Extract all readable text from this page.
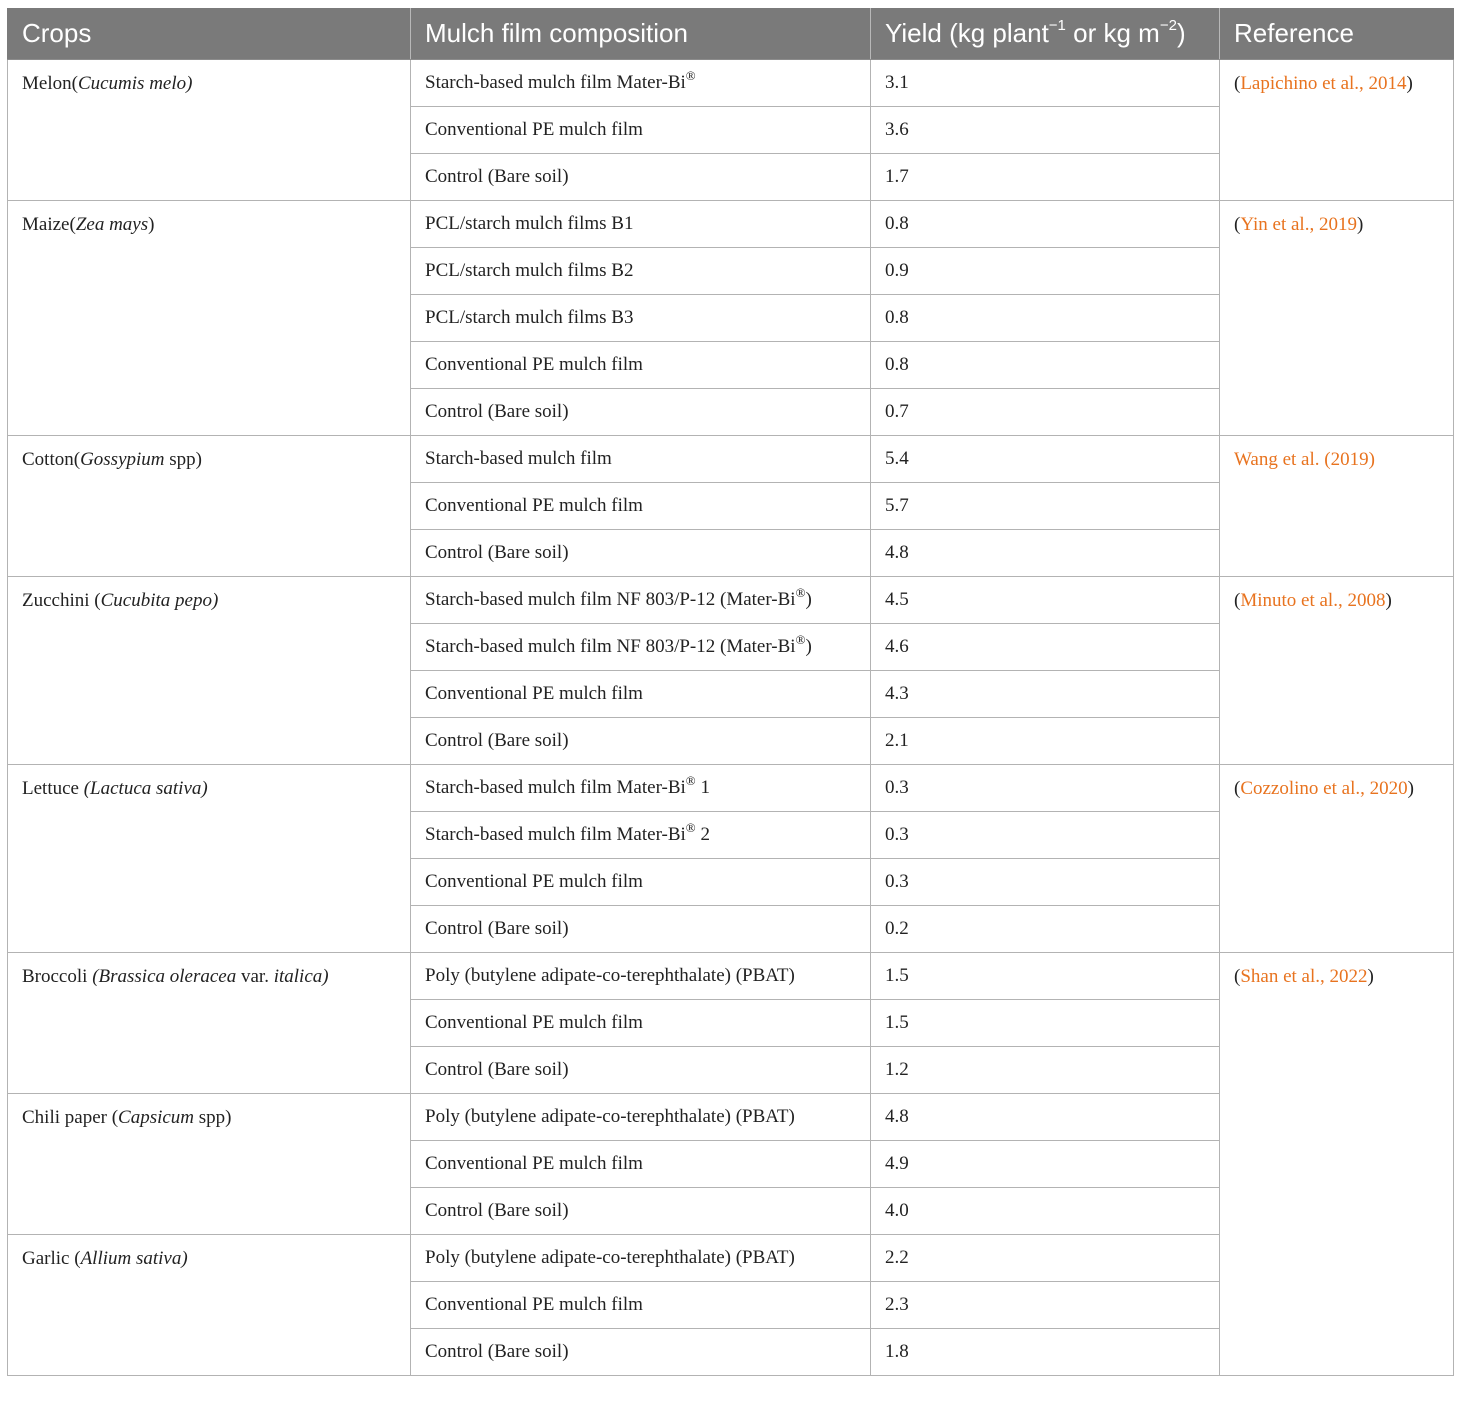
Crops	Mulch film composition	Yield (kg plant$^{-1}$ or kg $m^{-2}$)	Reference
Melon(Cucumis melo)	Starch-based mulch film Mater-Bi®	3.1	(Lapichino et al., 2014)
	Conventional PE mulch film	3.6	
	Control (Bare soil)	1.7	
Maize(Zea mays)	PCL/starch mulch films B1	0.8	(Yin et al., 2019)
	PCL/starch mulch films B2	0.9	
	PCL/starch mulch films B3	0.8	
	Conventional PE mulch film	0.8	
	Control (Bare soil)	0.7	
Cotton(Gossypium spp)	Starch-based mulch film	5.4	Wang et al. (2019)
	Conventional PE mulch film	5.7	
	Control (Bare soil)	4.8	
Zucchini (Cucubita pepo)	Starch-based mulch film NF 803/P-12 (Mater-Bi®)	4.5	(Minuto et al., 2008)
	Starch-based mulch film NF 803/P-12 (Mater-Bi®)	4.6	
	Conventional PE mulch film	4.3	
	Control (Bare soil)	2.1	
Lettuce (Lactuca sativa)	Starch-based mulch film Mater-Bi® 1	0.3	(Cozzolino et al., 2020)
	Starch-based mulch film Mater-Bi® 2	0.3	
	Conventional PE mulch film	0.3	
	Control (Bare soil)	0.2	
Broccoli (Brassica oleracea var. italica)	Poly (butylene adipate-co-terephthalate) (PBAT)	1.5	(Shan et al., 2022)
	Conventional PE mulch film	1.5	
	Control (Bare soil)	1.2	
Chili paper (Capsicum spp)	Poly (butylene adipate-co-terephthalate) (PBAT)	4.8	
	Conventional PE mulch film	4.9	
	Control (Bare soil)	4.0	
Garlic (Allium sativa)	Poly (butylene adipate-co-terephthalate) (PBAT)	2.2	
	Conventional PE mulch film	2.3	
	Control (Bare soil)	1.8	
